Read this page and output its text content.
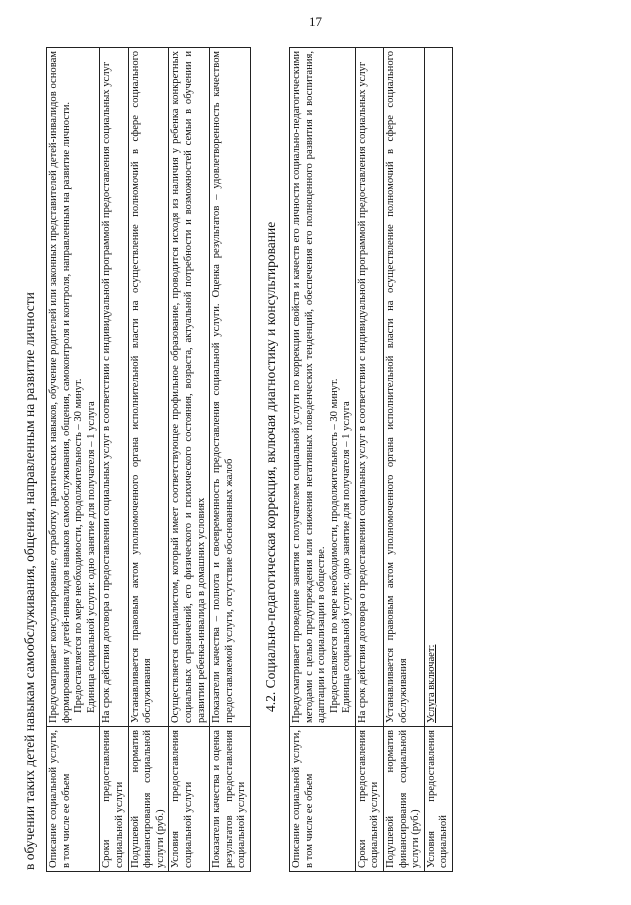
17
в обучении таких детей навыкам самообслуживания, общения, направленным на развитие личности	Описание социальной услуги, в том числе ее объем	Предусматривает консультирование, отработку практических навыков, обучение родителей или законных представителей детей-инвалидов основам формирования у детей-инвалидов навыков самообслуживания, общения, самоконтроля и контроля, направленным на развитие личности. Предоставляется по мере необходимости, продолжительность – 30 минут. Единица социальной услуги: одно занятие для получателя – 1 услуга

Сроки предоставления социальной услуги	На срок действия договора о предоставлении социальных услуг в соответствии с индивидуальной программой предоставления социальных услуг

Подушевой норматив финансирования социальной услуги (руб.)	Устанавливается правовым актом уполномоченного органа исполнительной власти на осуществление полномочий в сфере социального обслуживания

Условия предоставления социальной услуги	Осуществляется специалистом, который имеет соответствующее профильное образование, проводится исходя из наличия у ребенка конкретных социальных ограничений, его физического и психического состояния, возраста, актуальной потребности и возможностей семьи в обучении и развитии ребенка-инвалида в домашних условиях

Показатели качества и оценка результатов предоставления социальной услуги	Показатели качества – полнота и своевременность предоставления социальной услуги. Оценка результатов – удовлетворенность качеством предоставляемой услуги, отсутствие обоснованных жалоб 4.2. Социально-педагогическая коррекция, включая диагностику и консультирование
Описание социальной услуги, в том числе ее объем	Предусматривает проведение занятия с получателем социальной услуги по коррекции свойств и качеств его личности социально-педагогическими методами с целью предупреждения или снижения негативных поведенческих тенденций, обеспечения его полноценного развития и воспитания, адаптации и социализации в обществе. Предоставляется по мере необходимости, продолжительность – 30 минут. Единица социальной услуги: одно занятие для получателя – 1 услуга

Сроки предоставления социальной услуги	На срок действия договора о предоставлении социальных услуг в соответствии с индивидуальной программой предоставления социальных услуг

Подушевой норматив финансирования социальной услуги (руб.)	Устанавливается правовым актом уполномоченного органа исполнительной власти на осуществление полномочий в сфере социального обслуживания

Условия предоставления социальной	Услуга включает:
